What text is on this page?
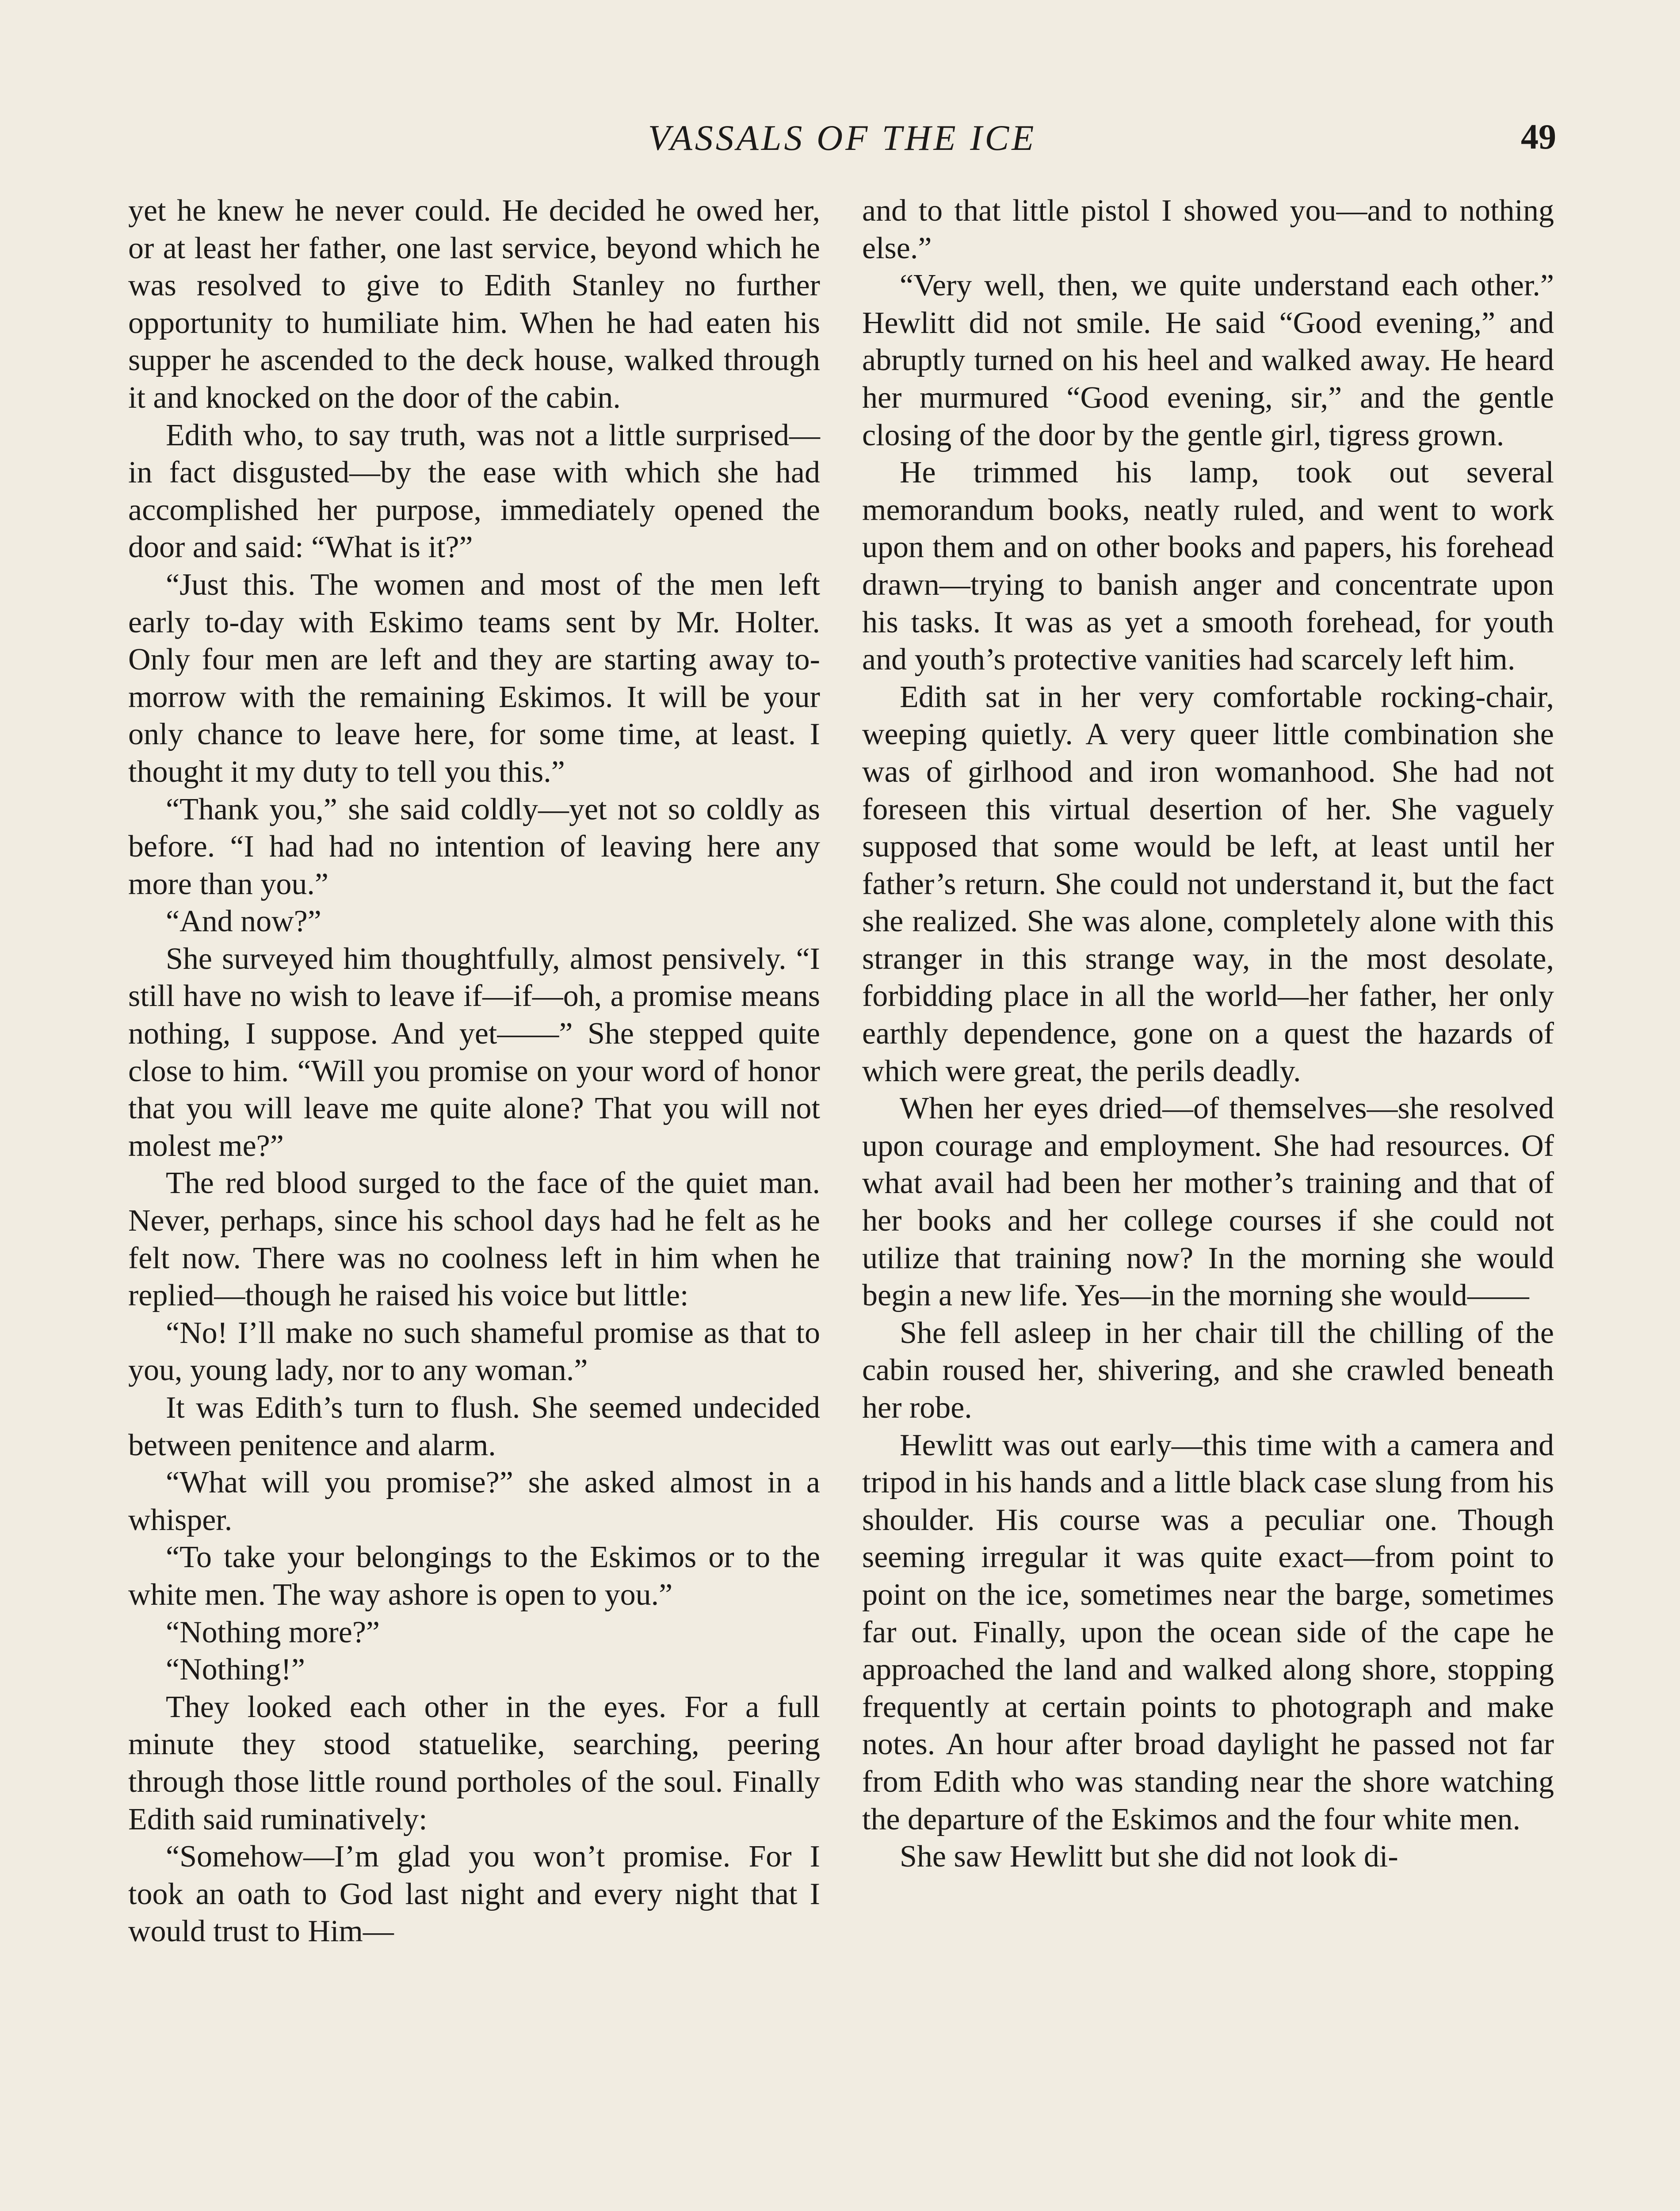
VASSALS OF THE ICE	49

yet he knew he never could. He decided he owed her, or at least her father, one last service, beyond which he was resolved to give to Edith Stanley no further opportunity to humiliate him. When he had eaten his supper he ascended to the deck house, walked through it and knocked on the door of the cabin.

Edith who, to say truth, was not a little surprised—in fact disgusted—by the ease with which she had accomplished her purpose, immediately opened the door and said: “What is it?”

“Just this. The women and most of the men left early to-day with Eskimo teams sent by Mr. Holter. Only four men are left and they are starting away to-morrow with the remaining Eskimos. It will be your only chance to leave here, for some time, at least. I thought it my duty to tell you this.”

“Thank you,” she said coldly—yet not so coldly as before. “I had had no intention of leaving here any more than you.”

“And now?”

She surveyed him thoughtfully, almost pensively. “I still have no wish to leave if—if—oh, a promise means nothing, I suppose. And yet——” She stepped quite close to him. “Will you promise on your word of honor that you will leave me quite alone? That you will not molest me?”

The red blood surged to the face of the quiet man. Never, perhaps, since his school days had he felt as he felt now. There was no coolness left in him when he replied—though he raised his voice but little:

“No! I’ll make no such shameful promise as that to you, young lady, nor to any woman.”

It was Edith’s turn to flush. She seemed undecided between penitence and alarm.

“What will you promise?” she asked almost in a whisper.

“To take your belongings to the Eskimos or to the white men. The way ashore is open to you.”

“Nothing more?”

“Nothing!”

They looked each other in the eyes. For a full minute they stood statuelike, searching, peering through those little round portholes of the soul. Finally Edith said ruminatively:

“Somehow—I’m glad you won’t promise. For I took an oath to God last night and every night that I would trust to Him—

and to that little pistol I showed you—and to nothing else.”

“Very well, then, we quite understand each other.” Hewlitt did not smile. He said “Good evening,” and abruptly turned on his heel and walked away. He heard her murmured “Good evening, sir,” and the gentle closing of the door by the gentle girl, tigress grown.

He trimmed his lamp, took out several memorandum books, neatly ruled, and went to work upon them and on other books and papers, his forehead drawn—trying to banish anger and concentrate upon his tasks. It was as yet a smooth forehead, for youth and youth’s protective vanities had scarcely left him.

Edith sat in her very comfortable rocking-chair, weeping quietly. A very queer little combination she was of girlhood and iron womanhood. She had not foreseen this virtual desertion of her. She vaguely supposed that some would be left, at least until her father’s return. She could not understand it, but the fact she realized. She was alone, completely alone with this stranger in this strange way, in the most desolate, forbidding place in all the world—her father, her only earthly dependence, gone on a quest the hazards of which were great, the perils deadly.

When her eyes dried—of themselves—she resolved upon courage and employment. She had resources. Of what avail had been her mother’s training and that of her books and her college courses if she could not utilize that training now? In the morning she would begin a new life. Yes—in the morning she would——

She fell asleep in her chair till the chilling of the cabin roused her, shivering, and she crawled beneath her robe.

Hewlitt was out early—this time with a camera and tripod in his hands and a little black case slung from his shoulder. His course was a peculiar one. Though seeming irregular it was quite exact—from point to point on the ice, sometimes near the barge, sometimes far out. Finally, upon the ocean side of the cape he approached the land and walked along shore, stopping frequently at certain points to photograph and make notes. An hour after broad daylight he passed not far from Edith who was standing near the shore watching the departure of the Eskimos and the four white men.

She saw Hewlitt but she did not look di-
